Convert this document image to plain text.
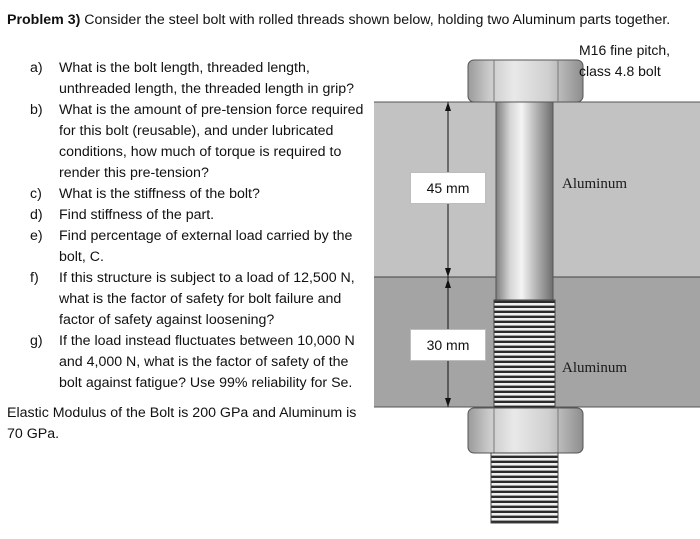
Problem 3) Consider the steel bolt with rolled threads shown below, holding two Aluminum parts together.
a) What is the bolt length, threaded length, unthreaded length, the threaded length in grip?
b) What is the amount of pre-tension force required for this bolt (reusable), and under lubricated conditions, how much of torque is required to render this pre-tension?
c) What is the stiffness of the bolt?
d) Find stiffness of the part.
e) Find percentage of external load carried by the bolt, C.
f) If this structure is subject to a load of 12,500 N, what is the factor of safety for bolt failure and factor of safety against loosening?
g) If the load instead fluctuates between 10,000 N and 4,000 N, what is the factor of safety of the bolt against fatigue? Use 99% reliability for Se.
Elastic Modulus of the Bolt is 200 GPa and Aluminum is 70 GPa.
M16 fine pitch, class 4.8 bolt
45 mm
30 mm
Aluminum
Aluminum
